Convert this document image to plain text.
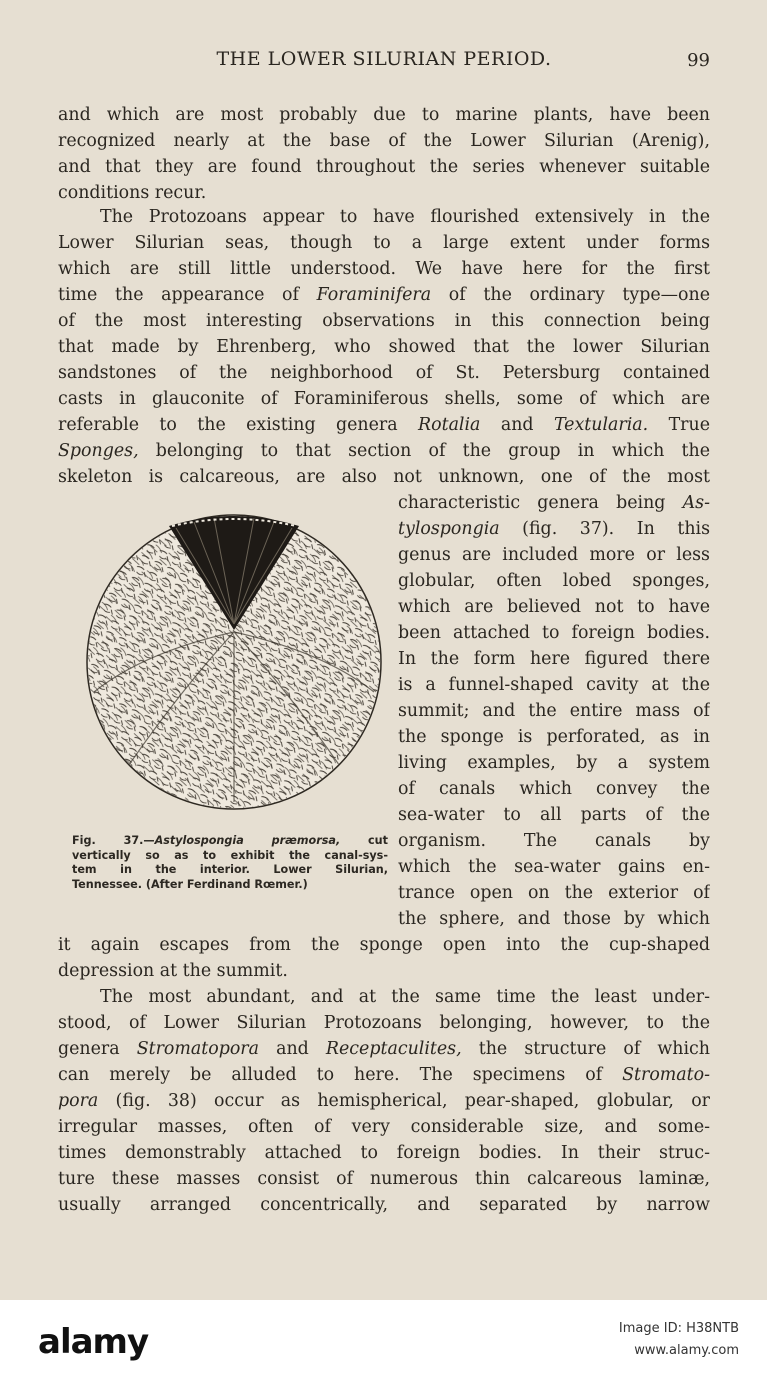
THE LOWER SILURIAN PERIOD.	99
and which are most probably due to marine plants, have been
recognized nearly at the base of the Lower Silurian (Arenig),
and that they are found throughout the series whenever suitable
conditions recur.
The Protozoans appear to have flourished extensively in the
Lower Silurian seas, though to a large extent under forms
which are still little understood. We have here for the first
time the appearance of Foraminifera of the ordinary type—one
of the most interesting observations in this connection being
that made by Ehrenberg, who showed that the lower Silurian
sandstones of the neighborhood of St. Petersburg contained
casts in glauconite of Foraminiferous shells, some of which are
referable to the existing genera Rotalia and Textularia. True
Sponges, belonging to that section of the group in which the
skeleton is calcareous, are also not unknown, one of the most
characteristic genera being As-
tylospongia (fig. 37). In this
genus are included more or less
globular, often lobed sponges,
which are believed not to have
been attached to foreign bodies.
In the form here figured there
is a funnel-shaped cavity at the
summit; and the entire mass of
the sponge is perforated, as in
living examples, by a system
of canals which convey the
sea-water to all parts of the
organism. The canals by
which the sea-water gains en-
trance open on the exterior of
the sphere, and those by which
Fig. 37.—Astylospongia præmorsa, cut
vertically so as to exhibit the canal-sys-
tem in the interior. Lower Silurian,
Tennessee. (After Ferdinand Rœmer.)
it again escapes from the sponge open into the cup-shaped
depression at the summit.
The most abundant, and at the same time the least under-
stood, of Lower Silurian Protozoans belonging, however, to the
genera Stromatopora and Receptaculites, the structure of which
can merely be alluded to here. The specimens of Stromato-
pora (fig. 38) occur as hemispherical, pear-shaped, globular, or
irregular masses, often of very considerable size, and some-
times demonstrably attached to foreign bodies. In their struc-
ture these masses consist of numerous thin calcareous laminæ,
usually arranged concentrically, and separated by narrow
alamy	Image ID: H38NTB
www.alamy.com
